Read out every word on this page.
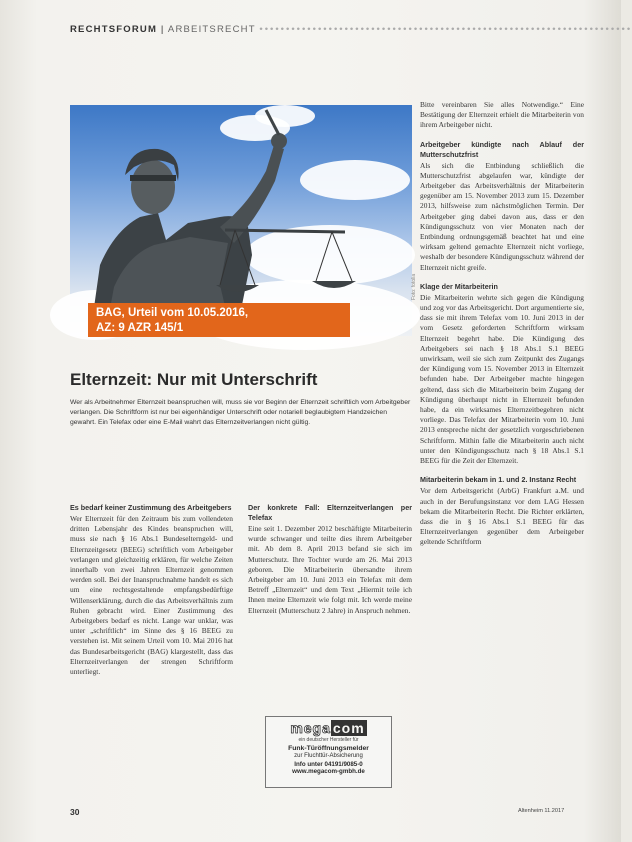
RECHTSFORUM | ARBEITSRECHT ••••••••••••••••••••••••••••••••••••••••••••••••••••••••••••••••••••••
Foto: fotolia
BAG, Urteil vom 10.05.2016,
AZ: 9 AZR 145/1
Elternzeit: Nur mit Unterschrift

Wer als Arbeitnehmer Elternzeit beanspruchen will, muss sie vor Beginn der Elternzeit schriftlich vom Arbeitgeber verlangen. Die Schriftform ist nur bei eigenhändiger Unterschrift oder notariell beglaubigtem Handzeichen gewahrt. Ein Telefax oder eine E-Mail wahrt das Elternzeitverlangen nicht gültig.

Es bedarf keiner Zustimmung des Arbeitgebers

Wer Elternzeit für den Zeitraum bis zum vollendeten dritten Lebensjahr des Kindes beanspruchen will, muss sie nach § 16 Abs.1 Bundeselterngeld- und Elternzeitgesetz (BEEG) schriftlich vom Arbeitgeber verlangen und gleichzeitig erklären, für welche Zeiten innerhalb von zwei Jahren Elternzeit genommen werden soll. Bei der Inanspruchnahme handelt es sich um eine rechtsgestaltende empfangsbedürftige Willenserklärung, durch die das Arbeitsverhältnis zum Ruhen gebracht wird. Einer Zustimmung des Arbeitgebers bedarf es nicht. Lange war unklar, was unter „schriftlich“ im Sinne des § 16 BEEG zu verstehen ist. Mit seinem Urteil vom 10. Mai 2016 hat das Bundesarbeitsgericht (BAG) klargestellt, dass das Elternzeitverlangen der strengen Schriftform unterliegt.

Der konkrete Fall: Elternzeitverlangen per Telefax

Eine seit 1. Dezember 2012 beschäftigte Mitarbeiterin wurde schwanger und teilte dies ihrem Arbeitgeber mit. Ab dem 8. April 2013 befand sie sich im Mutterschutz. Ihre Tochter wurde am 26. Mai 2013 geboren. Die Mitarbeiterin übersandte ihrem Arbeitgeber am 10. Juni 2013 ein Telefax mit dem Betreff „Elternzeit“ und dem Text „Hiermit teile ich Ihnen meine Elternzeit wie folgt mit. Ich werde meine Elternzeit (Mutterschutz 2 Jahre) in Anspruch nehmen.

Bitte vereinbaren Sie alles Notwendige.“ Eine Bestätigung der Elternzeit erhielt die Mitarbeiterin von ihrem Arbeitgeber nicht.

Arbeitgeber kündigte nach Ablauf der Mutterschutzfrist

Als sich die Entbindung schließlich die Mutterschutzfrist abgelaufen war, kündigte der Arbeitgeber das Arbeitsverhältnis der Mitarbeiterin gegenüber am 15. November 2013 zum 15. Dezember 2013, hilfsweise zum nächstmöglichen Termin. Der Arbeitgeber ging dabei davon aus, dass er den Kündigungsschutz von vier Monaten nach der Entbindung ordnungsgemäß beachtet hat und eine wirksam geltend gemachte Elternzeit nicht vorliege, weshalb der besondere Kündigungsschutz während der Elternzeit nicht greife.

Klage der Mitarbeiterin

Die Mitarbeiterin wehrte sich gegen die Kündigung und zog vor das Arbeitsgericht. Dort argumentierte sie, dass sie mit ihrem Telefax vom 10. Juni 2013 in der vom Gesetz geforderten Schriftform wirksam Elternzeit begehrt habe. Die Kündigung des Arbeitgebers sei nach § 18 Abs.1 S.1 BEEG unwirksam, weil sie sich zum Zeitpunkt des Zugangs der Kündigung vom 15. November 2013 in Elternzeit befunden habe. Der Arbeitgeber machte hingegen geltend, dass sich die Mitarbeiterin beim Zugang der Kündigung überhaupt nicht in Elternzeit befunden habe, da ein wirksames Elternzeitbegehren nicht vorliege. Das Telefax der Mitarbeiterin vom 10. Juni 2013 entspreche nicht der gesetzlich vorgeschriebenen Schriftform. Mithin falle die Mitarbeiterin auch nicht unter den Kündigungsschutz nach § 18 Abs.1 S.1 BEEG für die Zeit der Elternzeit.

Mitarbeiterin bekam in 1. und 2. Instanz Recht

Vor dem Arbeitsgericht (ArbG) Frankfurt a.M. und auch in der Berufungsinstanz vor dem LAG Hessen bekam die Mitarbeiterin Recht. Die Richter erklärten, dass die in § 16 Abs.1 S.1 BEEG für das Elternzeitverlangen gegenüber dem Arbeitgeber geltende Schriftform

mega com
ein deutscher Hersteller für
Funk-Türöffnungsmelder
zur Fluchttür-Absicherung
Info unter 04191/9085-0
www.megacom-gmbh.de
30	Altenheim 11.2017
